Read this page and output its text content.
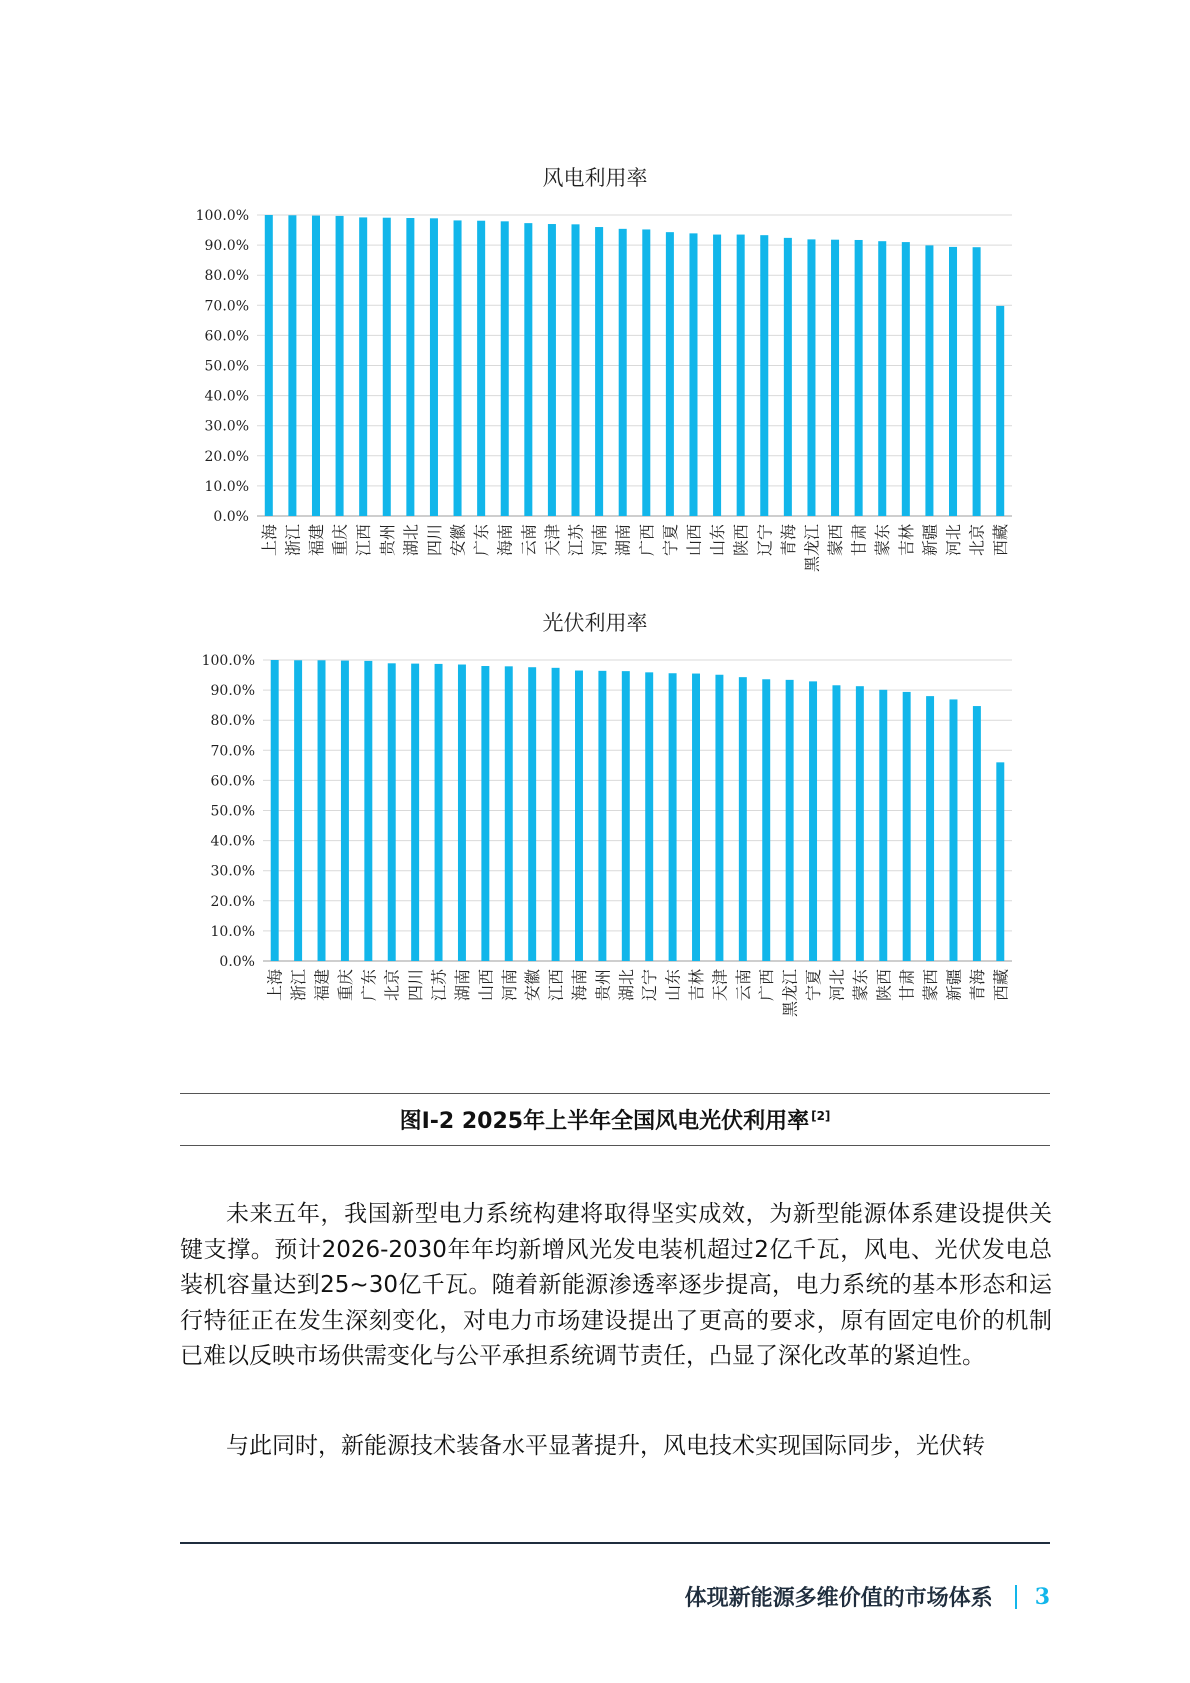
风电利用率
0.0%
10.0%
20.0%
30.0%
40.0%
50.0%
60.0%
70.0%
80.0%
90.0%
100.0%
上海 浙江 福建 重庆 江西 贵州 湖北 四川 安徽 广东 海南 云南 天津 江苏 河南 湖南 广西 宁夏 山西 山东 陕西 辽宁 青海 黑龙江 蒙西 甘肃 蒙东 吉林 新疆 河北 北京 西藏
光伏利用率
0.0%
10.0%
20.0%
30.0%
40.0%
50.0%
60.0%
70.0%
80.0%
90.0%
100.0%
上海 浙江 福建 重庆 广东 北京 四川 江苏 湖南 山西 河南 安徽 江西 海南 贵州 湖北 辽宁 山东 吉林 天津 云南 广西 黑龙江 宁夏 河北 蒙东 陕西 甘肃 蒙西 新疆 青海 西藏
图I-2 2025年上半年全国风电光伏利用率[2]

未来五年，我国新型电力系统构建将取得坚实成效，为新型能源体系建设提供关键支撑。预计2026-2030年年均新增风光发电装机超过2亿千瓦，风电、光伏发电总装机容量达到25~30亿千瓦。随着新能源渗透率逐步提高，电力系统的基本形态和运行特征正在发生深刻变化，对电力市场建设提出了更高的要求，原有固定电价的机制已难以反映市场供需变化与公平承担系统调节责任，凸显了深化改革的紧迫性。

与此同时，新能源技术装备水平显著提升，风电技术实现国际同步，光伏转

体现新能源多维价值的市场体系 3
